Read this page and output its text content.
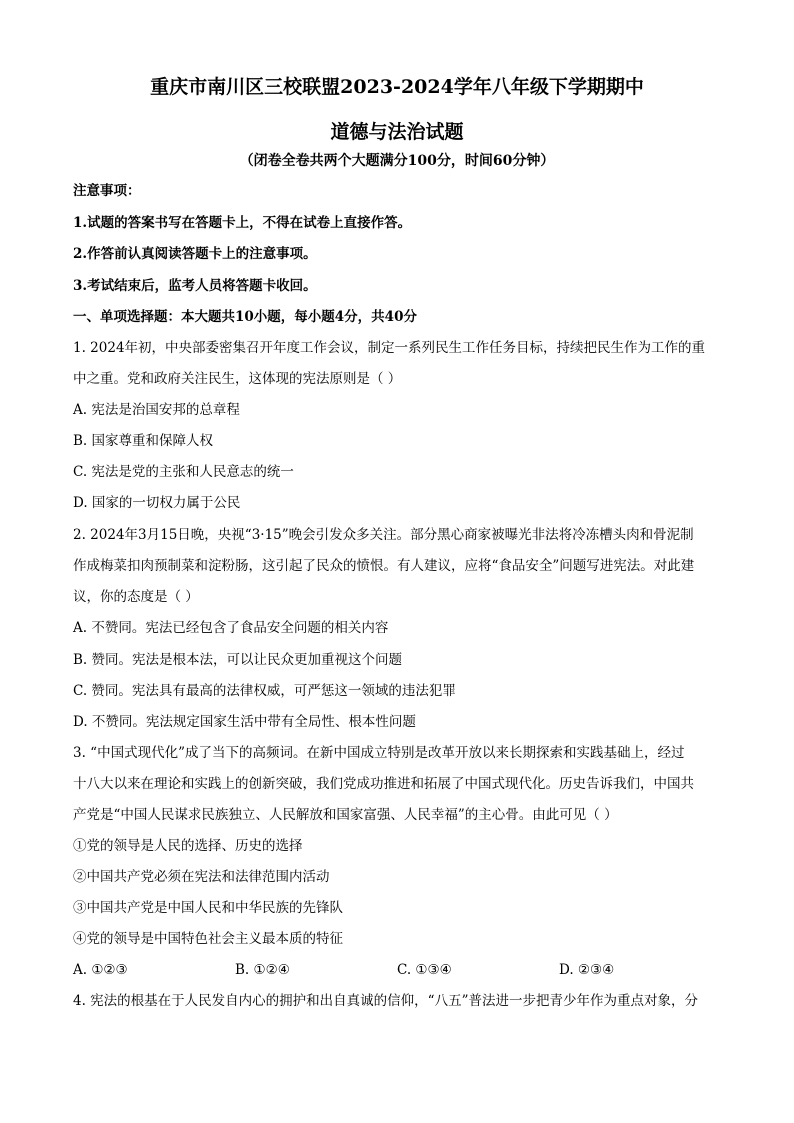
重庆市南川区三校联盟2023-2024学年八年级下学期期中
道德与法治试题
（闭卷全卷共两个大题满分100分，时间60分钟）
注意事项：
1.试题的答案书写在答题卡上，不得在试卷上直接作答。
2.作答前认真阅读答题卡上的注意事项。
3.考试结束后，监考人员将答题卡收回。
一、单项选择题：本大题共10小题，每小题4分，共40分
1. 2024年初，中央部委密集召开年度工作会议，制定一系列民生工作任务目标，持续把民生作为工作的重
中之重。党和政府关注民生，这体现的宪法原则是（ ）
A. 宪法是治国安邦的总章程
B. 国家尊重和保障人权
C. 宪法是党的主张和人民意志的统一
D. 国家的一切权力属于公民
2. 2024年3月15日晚，央视“3·15”晚会引发众多关注。部分黑心商家被曝光非法将冷冻槽头肉和骨泥制
作成梅菜扣肉预制菜和淀粉肠，这引起了民众的愤恨。有人建议，应将“食品安全”问题写进宪法。对此建
议，你的态度是（ ）
A. 不赞同。宪法已经包含了食品安全问题的相关内容
B. 赞同。宪法是根本法，可以让民众更加重视这个问题
C. 赞同。宪法具有最高的法律权威，可严惩这一领域的违法犯罪
D. 不赞同。宪法规定国家生活中带有全局性、根本性问题
3. “中国式现代化”成了当下的高频词。在新中国成立特别是改革开放以来长期探索和实践基础上，经过
十八大以来在理论和实践上的创新突破，我们党成功推进和拓展了中国式现代化。历史告诉我们，中国共
产党是“中国人民谋求民族独立、人民解放和国家富强、人民幸福”的主心骨。由此可见（ ）
①党的领导是人民的选择、历史的选择
②中国共产党必须在宪法和法律范围内活动
③中国共产党是中国人民和中华民族的先锋队
④党的领导是中国特色社会主义最本质的特征
A. ①②③	B. ①②④	C. ①③④	D. ②③④
4. 宪法的根基在于人民发自内心的拥护和出自真诚的信仰，“八五”普法进一步把青少年作为重点对象，分
